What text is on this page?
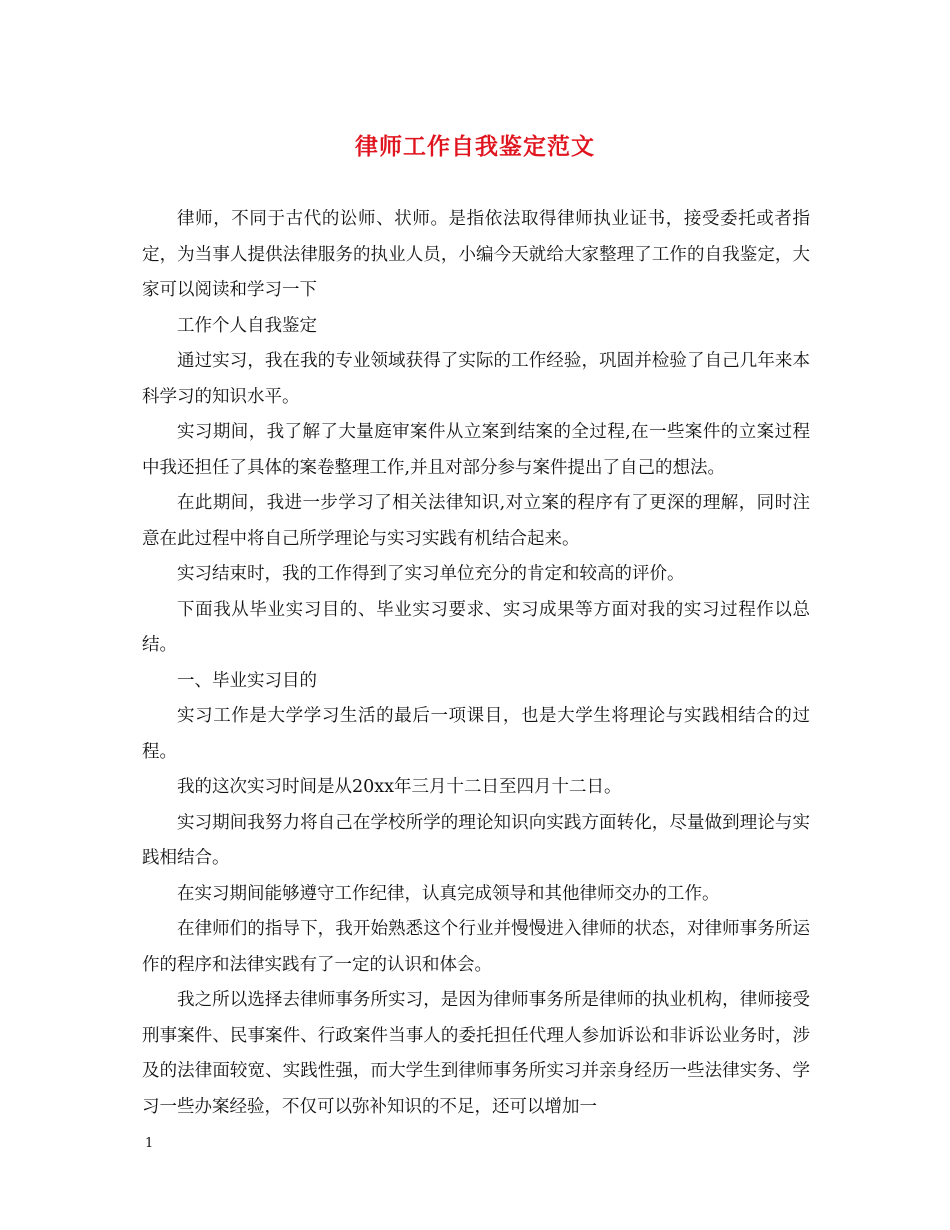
律师工作自我鉴定范文

律师，不同于古代的讼师、状师。是指依法取得律师执业证书，接受委托或者指定，为当事人提供法律服务的执业人员，小编今天就给大家整理了工作的自我鉴定，大家可以阅读和学习一下

工作个人自我鉴定

通过实习，我在我的专业领域获得了实际的工作经验，巩固并检验了自己几年来本科学习的知识水平。

实习期间，我了解了大量庭审案件从立案到结案的全过程,在一些案件的立案过程中我还担任了具体的案卷整理工作,并且对部分参与案件提出了自己的想法。

在此期间，我进一步学习了相关法律知识,对立案的程序有了更深的理解，同时注意在此过程中将自己所学理论与实习实践有机结合起来。

实习结束时，我的工作得到了实习单位充分的肯定和较高的评价。

下面我从毕业实习目的、毕业实习要求、实习成果等方面对我的实习过程作以总结。

一、毕业实习目的

实习工作是大学学习生活的最后一项课目，也是大学生将理论与实践相结合的过程。

我的这次实习时间是从20xx年三月十二日至四月十二日。

实习期间我努力将自己在学校所学的理论知识向实践方面转化，尽量做到理论与实践相结合。

在实习期间能够遵守工作纪律，认真完成领导和其他律师交办的工作。

在律师们的指导下，我开始熟悉这个行业并慢慢进入律师的状态，对律师事务所运作的程序和法律实践有了一定的认识和体会。

我之所以选择去律师事务所实习，是因为律师事务所是律师的执业机构，律师接受刑事案件、民事案件、行政案件当事人的委托担任代理人参加诉讼和非诉讼业务时，涉及的法律面较宽、实践性强，而大学生到律师事务所实习并亲身经历一些法律实务、学习一些办案经验，不仅可以弥补知识的不足，还可以增加一

1
